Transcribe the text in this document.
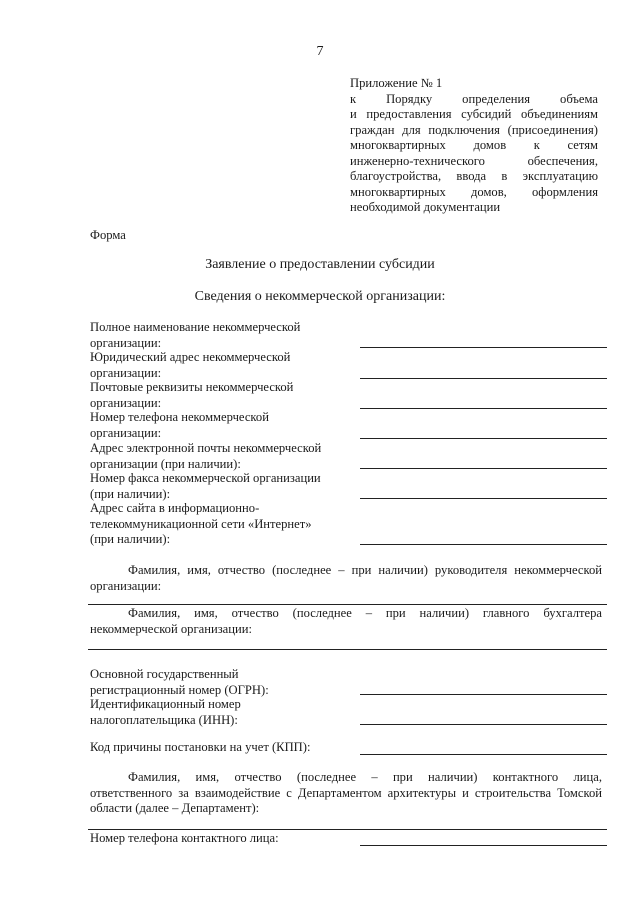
7
Приложение № 1
к Порядку определения объема
и предоставления субсидий объединениям
граждан для подключения (присоединения)
многоквартирных домов к сетям
инженерно-технического обеспечения,
благоустройства, ввода в эксплуатацию
многоквартирных домов, оформления
необходимой документации
Форма
Заявление о предоставлении субсидии
Сведения о некоммерческой организации:
Полное наименование некоммерческой
организации:
Юридический адрес некоммерческой
организации:
Почтовые реквизиты некоммерческой
организации:
Номер телефона некоммерческой
организации:
Адрес электронной почты некоммерческой
организации (при наличии):
Номер факса некоммерческой организации
(при наличии):
Адрес сайта в информационно-
телекоммуникационной сети «Интернет»
(при наличии):
Фамилия, имя, отчество (последнее – при наличии) руководителя некоммерческой
организации:
Фамилия, имя, отчество (последнее – при наличии) главного бухгалтера
некоммерческой организации:
Основной государственный
регистрационный номер (ОГРН):
Идентификационный номер
налогоплательщика (ИНН):
Код причины постановки на учет (КПП):
Фамилия, имя, отчество (последнее – при наличии) контактного лица,
ответственного за взаимодействие с Департаментом архитектуры и строительства Томской
области (далее – Департамент):
Номер телефона контактного лица:
